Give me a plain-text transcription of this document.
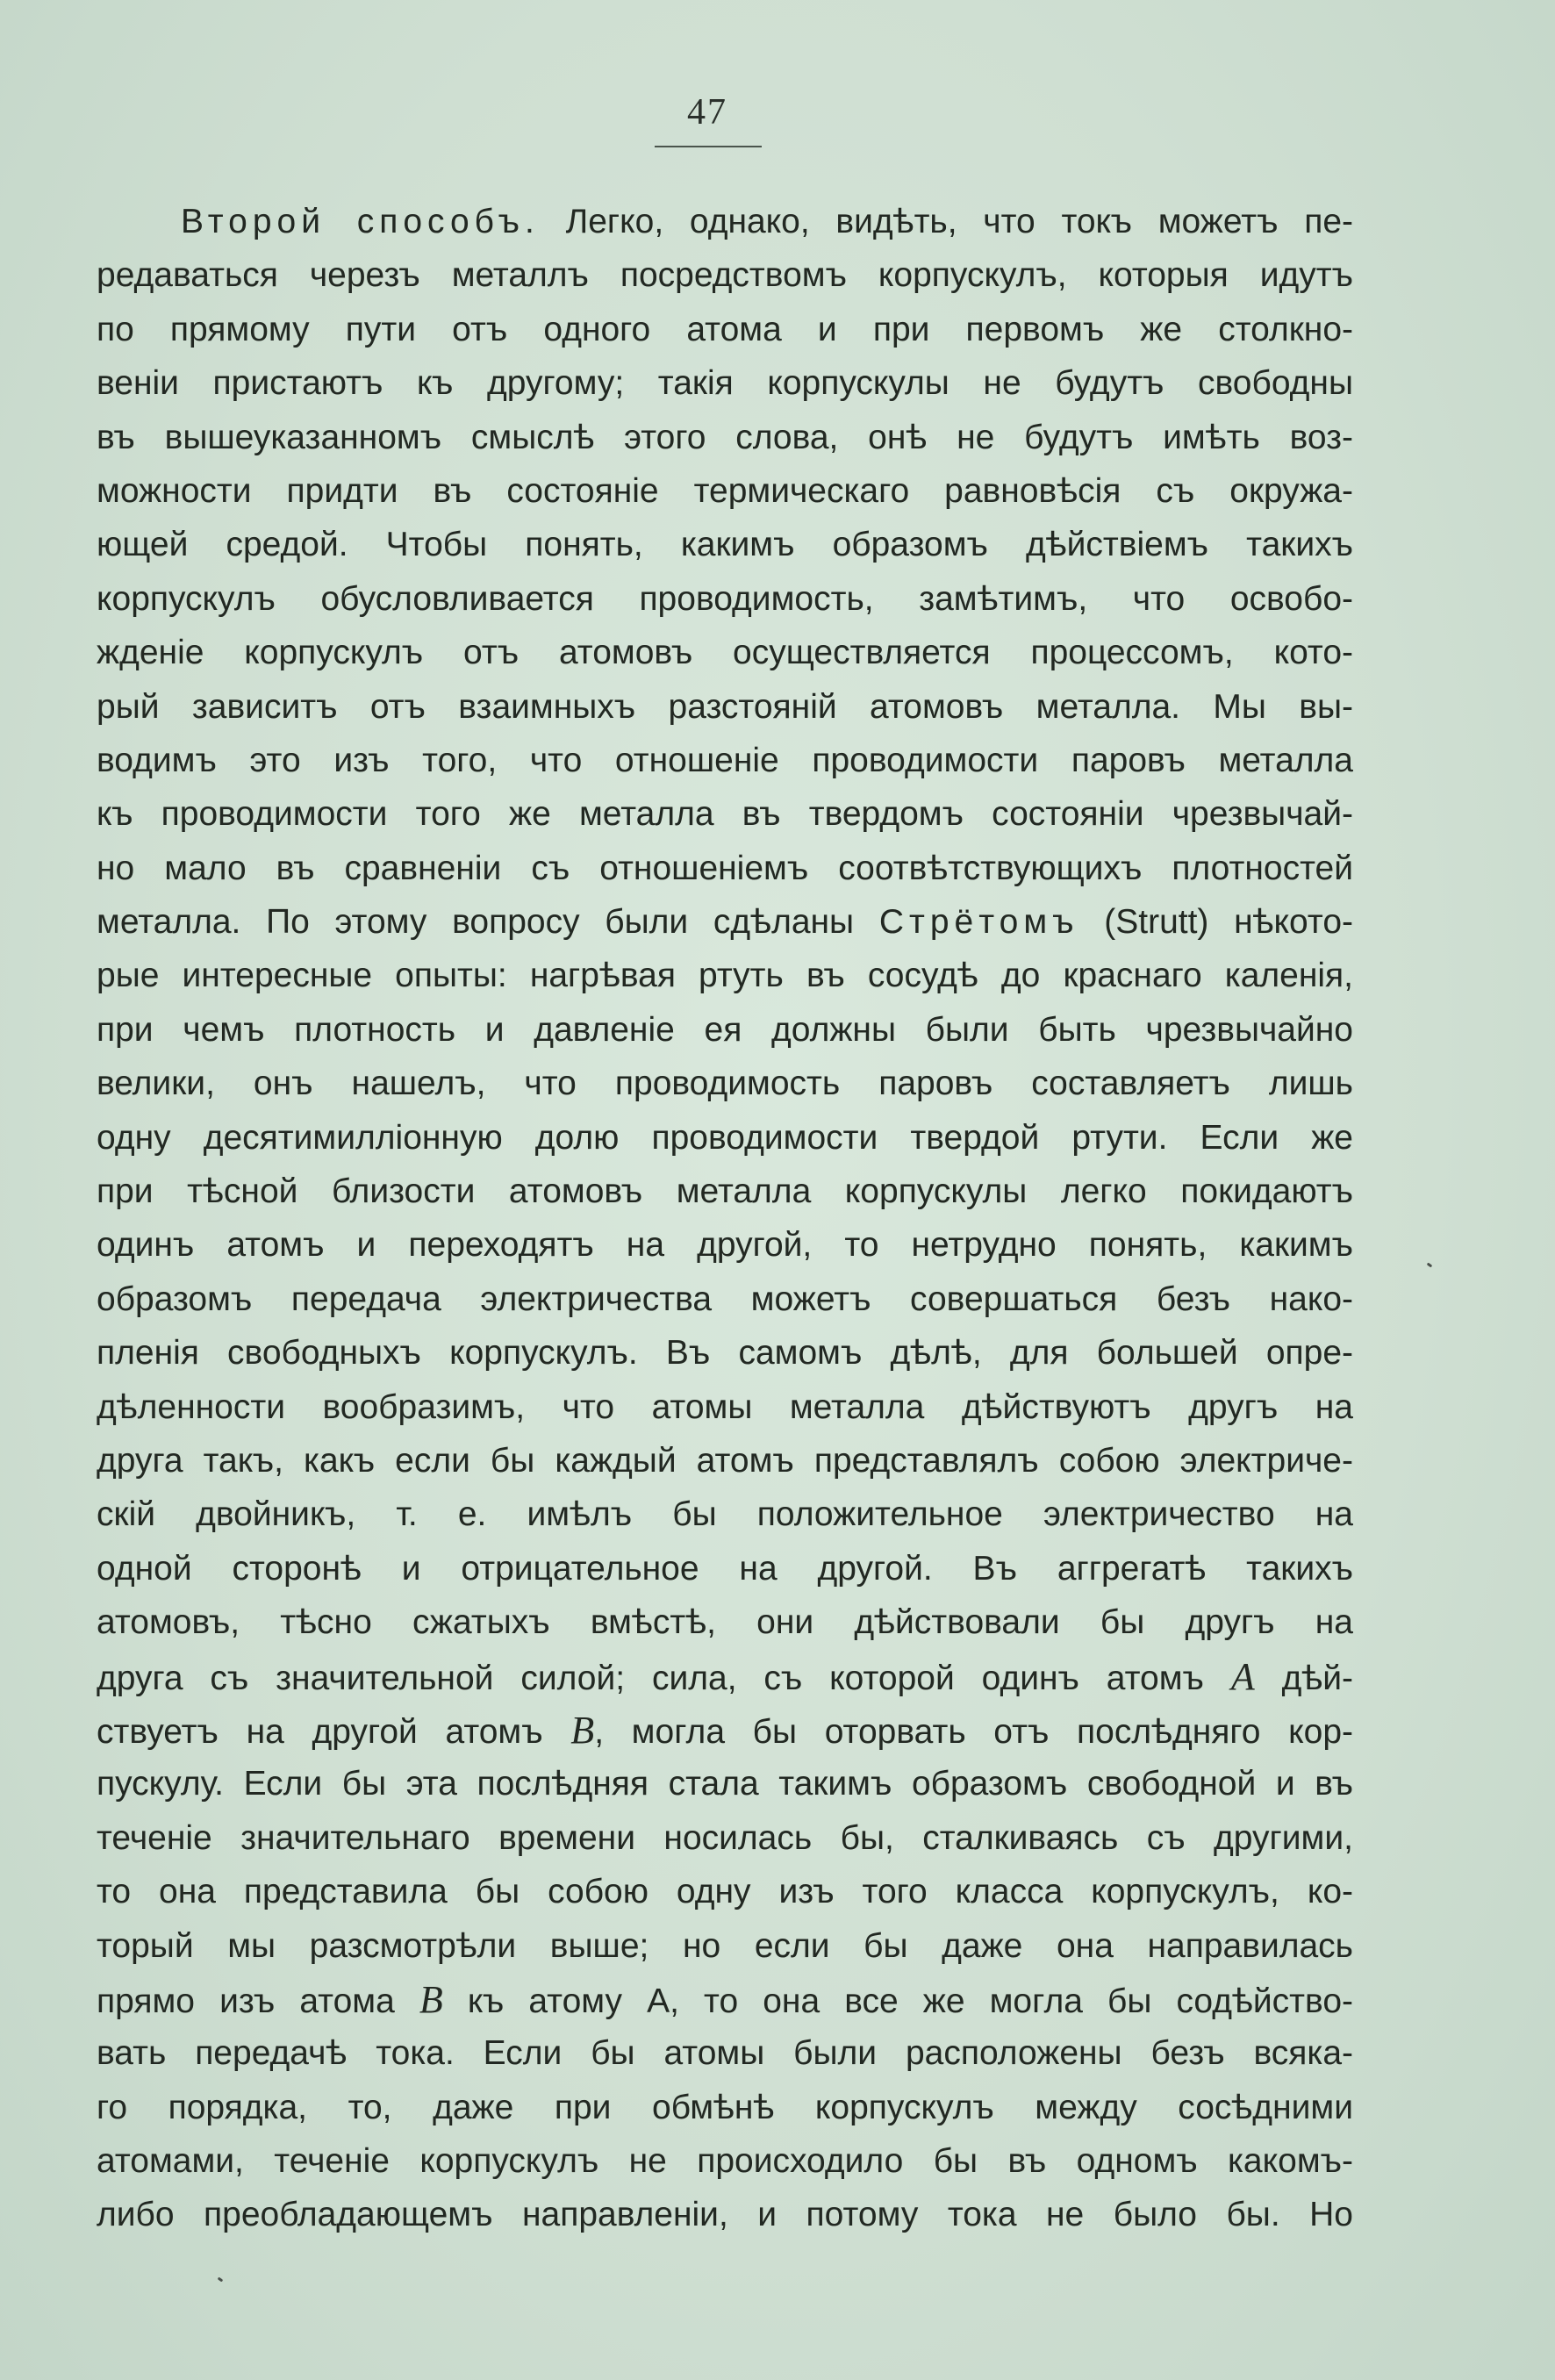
47
Второй способъ. Легко, однако, видѣть, что токъ можетъ пе-
редаваться черезъ металлъ посредствомъ корпускулъ, которыя идутъ
по прямому пути отъ одного атома и при первомъ же столкно-
веніи пристаютъ къ другому; такія корпускулы не будутъ свободны
въ вышеуказанномъ смыслѣ этого слова, онѣ не будутъ имѣть воз-
можности придти въ состояніе термическаго равновѣсія съ окружа-
ющей средой. Чтобы понять, какимъ образомъ дѣйствіемъ такихъ
корпускулъ обусловливается проводимость, замѣтимъ, что освобо-
жденіе корпускулъ отъ атомовъ осуществляется процессомъ, кото-
рый зависитъ отъ взаимныхъ разстояній атомовъ металла. Мы вы-
водимъ это изъ того, что отношеніе проводимости паровъ металла
къ проводимости того же металла въ твердомъ состояніи чрезвычай-
но мало въ сравненіи съ отношеніемъ соотвѣтствующихъ плотностей
металла. По этому вопросу были сдѣланы Стрётомъ (Strutt) нѣкото-
рые интересные опыты: нагрѣвая ртуть въ сосудѣ до краснаго каленія,
при чемъ плотность и давленіе ея должны были быть чрезвычайно
велики, онъ нашелъ, что проводимость паровъ составляетъ лишь
одну десятимилліонную долю проводимости твердой ртути. Если же
при тѣсной близости атомовъ металла корпускулы легко покидаютъ
одинъ атомъ и переходятъ на другой, то нетрудно понять, какимъ
образомъ передача электричества можетъ совершаться безъ нако-
пленія свободныхъ корпускулъ. Въ самомъ дѣлѣ, для большей опре-
дѣленности вообразимъ, что атомы металла дѣйствуютъ другъ на
друга такъ, какъ если бы каждый атомъ представлялъ собою электриче-
скій двойникъ, т. е. имѣлъ бы положительное электричество на
одной сторонѣ и отрицательное на другой. Въ аггрегатѣ такихъ
атомовъ, тѣсно сжатыхъ вмѣстѣ, они дѣйствовали бы другъ на
друга съ значительной силой; сила, съ которой одинъ атомъ A дѣй-
ствуетъ на другой атомъ B, могла бы оторвать отъ послѣдняго кор-
пускулу. Если бы эта послѣдняя стала такимъ образомъ свободной и въ
теченіе значительнаго времени носилась бы, сталкиваясь съ другими,
то она представила бы собою одну изъ того класса корпускулъ, ко-
торый мы разсмотрѣли выше; но если бы даже она направилась
прямо изъ атома B къ атому А, то она все же могла бы содѣйство-
вать передачѣ тока. Если бы атомы были расположены безъ всяка-
го порядка, то, даже при обмѣнѣ корпускулъ между сосѣдними
атомами, теченіе корпускулъ не происходило бы въ одномъ какомъ-
либо преобладающемъ направленіи, и потому тока не было бы. Но
